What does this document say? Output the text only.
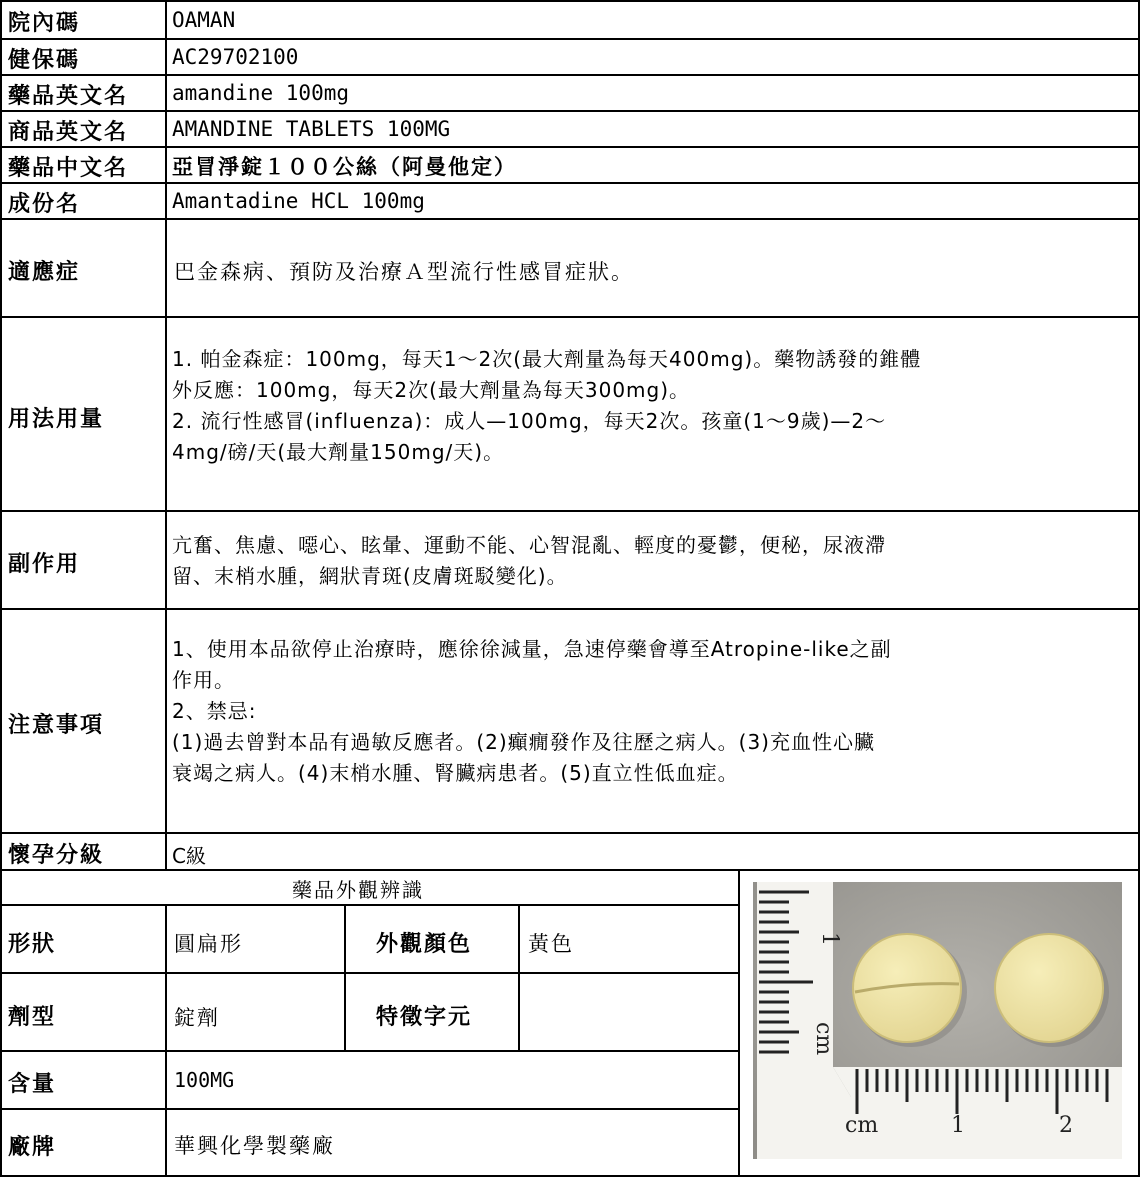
院內碼	OAMAN
健保碼	AC29702100
藥品英文名 amandine 100mg
商品英文名 AMANDINE TABLETS 100MG
藥品中文名 亞冒淨錠１００公絲（阿曼他定）
成份名	Amantadine HCL 100mg
適應症	巴金森病、預防及治療Ａ型流行性感冒症狀。
用法用量
1. 帕金森症：100mg，每天1～2次(最大劑量為每天400mg)。藥物誘發的錐體
外反應：100mg，每天2次(最大劑量為每天300mg)。
2. 流行性感冒(influenza)：成人—100mg，每天2次。孩童(1～9歲)—2～
4mg/磅/天(最大劑量150mg/天)。
副作用
亢奮、焦慮、噁心、眩暈、運動不能、心智混亂、輕度的憂鬱，便秘，尿液滯
留、末梢水腫，網狀青斑(皮膚斑駁變化)。
注意事項
1、使用本品欲停止治療時，應徐徐減量，急速停藥會導至Atropine-like之副
作用。
2、禁忌:
(1)過去曾對本品有過敏反應者。(2)癲癇發作及往歷之病人。(3)充血性心臟
衰竭之病人。(4)末梢水腫、腎臟病患者。(5)直立性低血症。
懷孕分級	C級
藥品外觀辨識
形狀	圓扁形	外觀顏色	黃色
劑型	錠劑	特徵字元
含量	100MG
廠牌	華興化學製藥廠
1
cm
cm	1	2
